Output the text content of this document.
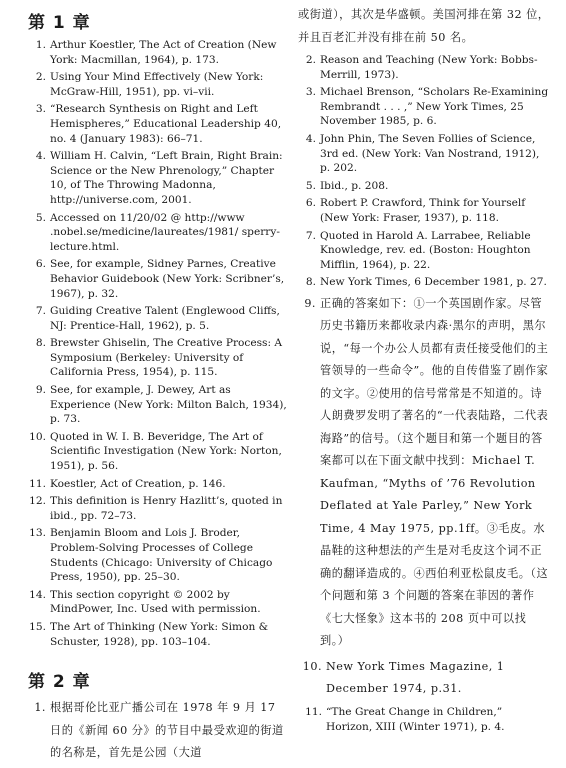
第 1 章
1. Arthur Koestler, The Act of Creation (New York: Macmillan, 1964), p. 173.
2. Using Your Mind Effectively (New York: McGraw-Hill, 1951), pp. vi–vii.
3. “Research Synthesis on Right and Left Hemispheres,” Educational Leadership 40, no. 4 (January 1983): 66–71.
4. William H. Calvin, “Left Brain, Right Brain: Science or the New Phrenology,” Chapter 10, of The Throwing Madonna, http://universe.com, 2001.
5. Accessed on 11/20/02 @ http://www .nobel.se/medicine/laureates/1981/ sperry-lecture.html.
6. See, for example, Sidney Parnes, Creative Behavior Guidebook (New York: Scribner’s, 1967), p. 32.
7. Guiding Creative Talent (Englewood Cliffs, NJ: Prentice-Hall, 1962), p. 5.
8. Brewster Ghiselin, The Creative Process: A Symposium (Berkeley: University of California Press, 1954), p. 115.
9. See, for example, J. Dewey, Art as Experience (New York: Milton Balch, 1934), p. 73.
10. Quoted in W. I. B. Beveridge, The Art of Scientific Investigation (New York: Norton, 1951), p. 56.
11. Koestler, Act of Creation, p. 146.
12. This definition is Henry Hazlitt’s, quoted in ibid., pp. 72–73.
13. Benjamin Bloom and Lois J. Broder, Problem-Solving Processes of College Students (Chicago: University of Chicago Press, 1950), pp. 25–30.
14. This section copyright © 2002 by MindPower, Inc. Used with permission.
15. The Art of Thinking (New York: Simon & Schuster, 1928), pp. 103–104.
第 2 章
1. 根据哥伦比亚广播公司在 1978 年 9 月 17 日的《新闻 60 分》的节目中最受欢迎的街道的名称是，首先是公园（大道
或街道），其次是华盛顿。美国河排在第 32 位，并且百老汇并没有排在前 50 名。
2. Reason and Teaching (New York: Bobbs-Merrill, 1973).
3. Michael Brenson, “Scholars Re-Examining Rembrandt . . . ,” New York Times, 25 November 1985, p. 6.
4. John Phin, The Seven Follies of Science, 3rd ed. (New York: Van Nostrand, 1912), p. 202.
5. Ibid., p. 208.
6. Robert P. Crawford, Think for Yourself (New York: Fraser, 1937), p. 118.
7. Quoted in Harold A. Larrabee, Reliable Knowledge, rev. ed. (Boston: Houghton Mifflin, 1964), p. 22.
8. New York Times, 6 December 1981, p. 27.
9. 正确的答案如下：①一个英国剧作家。尽管历史书籍历来都收录内森·黑尔的声明，黑尔说，“每一个办公人员都有责任接受他们的主管领导的一些命令”。他的自传借鉴了剧作家的文字。②使用的信号常常是不知道的。诗人朗费罗发明了著名的“一代表陆路，二代表海路”的信号。（这个题目和第一个题目的答案都可以在下面文献中找到：Michael T. Kaufman, “Myths of ’76 Revolution Deflated at Yale Parley,” New York Time, 4 May 1975, pp.1ff。③毛皮。水晶鞋的这种想法的产生是对毛皮这个词不正确的翻译造成的。④西伯利亚松鼠皮毛。（这个问题和第 3 个问题的答案在菲因的著作《七大怪象》这本书的 208 页中可以找到。）
10. New York Times Magazine, 1 December 1974, p.31.
11. “The Great Change in Children,” Horizon, XIII (Winter 1971), p. 4.
